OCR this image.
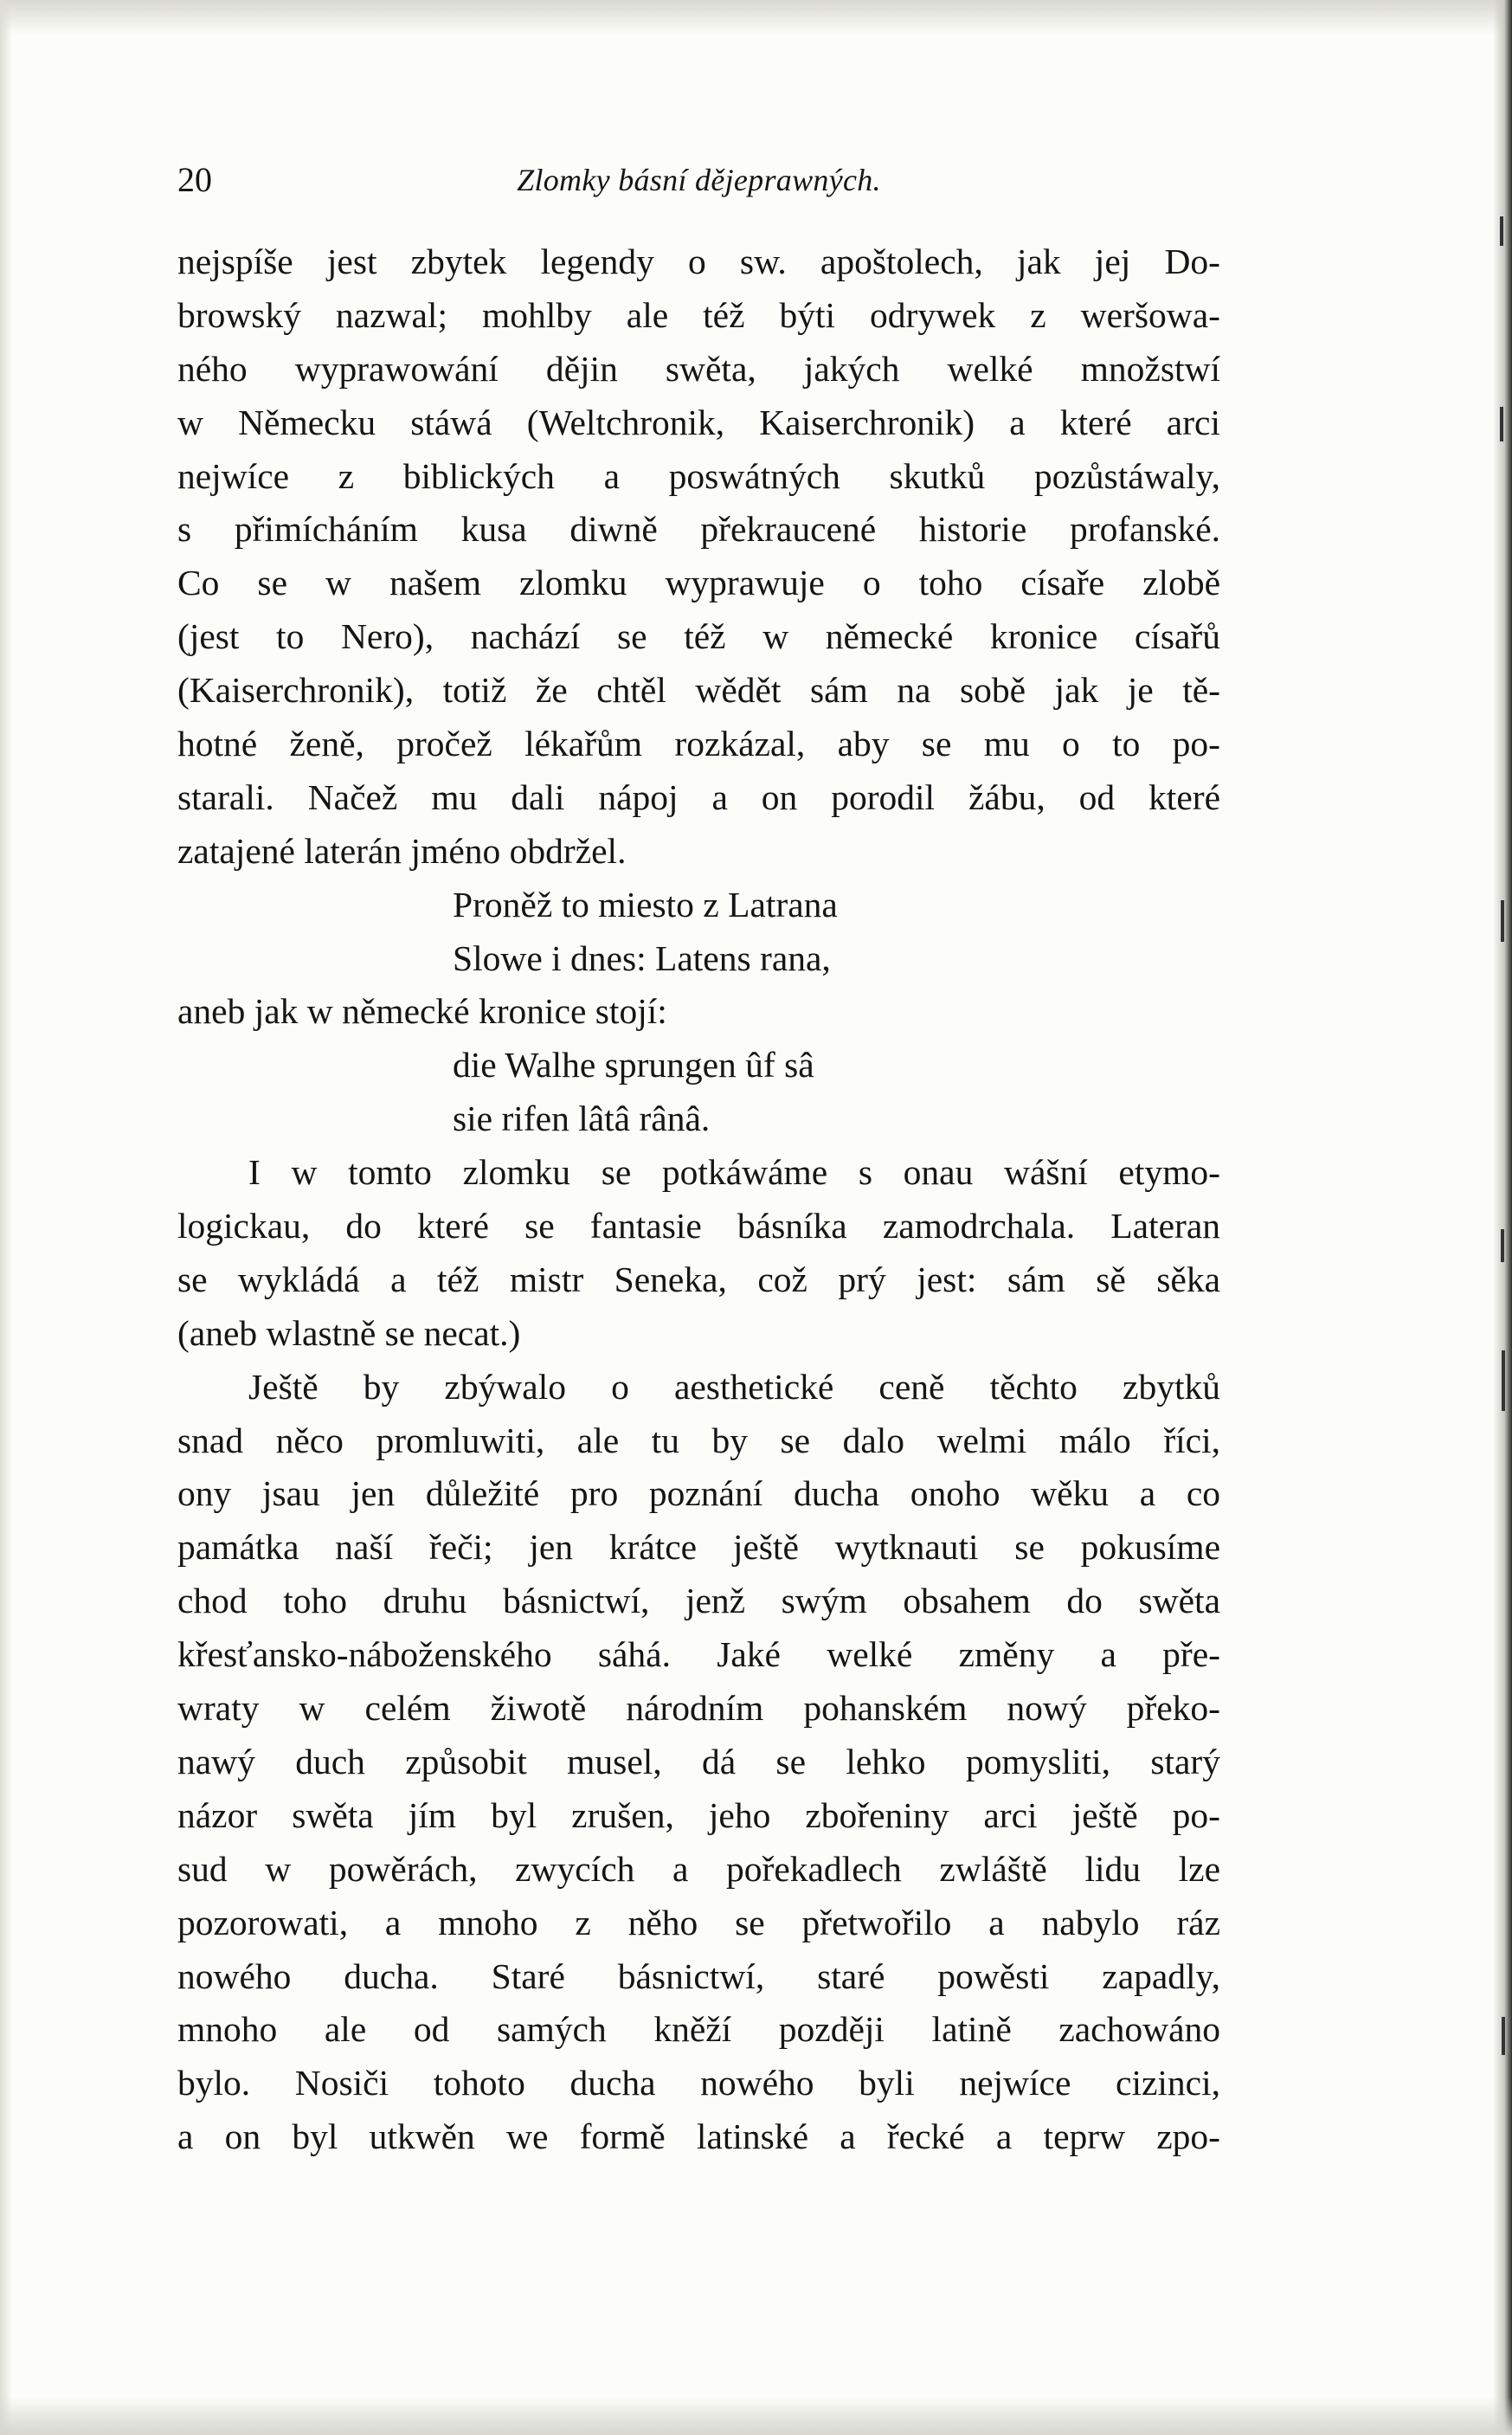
20	Zlomky básní dějeprawných.
nejspíše jest zbytek legendy o sw. apoštolech, jak jej Do-
browský nazwal; mohlby ale též býti odrywek z weršowa-
ného wyprawowání dějin swěta, jakých welké množstwí
w Německu stáwá (Weltchronik, Kaiserchronik) a které arci
nejwíce z biblických a poswátných skutků pozůstáwaly,
s přimícháním kusa diwně překraucené historie profanské.
Co se w našem zlomku wyprawuje o toho císaře zlobě
(jest to Nero), nachází se též w německé kronice císařů
(Kaiserchronik), totiž že chtěl wědět sám na sobě jak je tě-
hotné ženě, pročež lékařům rozkázal, aby se mu o to po-
starali. Načež mu dali nápoj a on porodil žábu, od které
zatajené laterán jméno obdržel.
Proněž to miesto z Latrana
Slowe i dnes: Latens rana,
aneb jak w německé kronice stojí:
die Walhe sprungen ûf sâ
sie rifen lâtâ rânâ.
I w tomto zlomku se potkáwáme s onau wášní etymo-
logickau, do které se fantasie básníka zamodrchala. Lateran
se wykládá a též mistr Seneka, což prý jest: sám sě sěka
(aneb wlastně se necat.)
Ještě by zbýwalo o aesthetické ceně těchto zbytků
snad něco promluwiti, ale tu by se dalo welmi málo říci,
ony jsau jen důležité pro poznání ducha onoho wěku a co
památka naší řeči; jen krátce ještě wytknauti se pokusíme
chod toho druhu básnictwí, jenž swým obsahem do swěta
křesťansko-náboženského sáhá. Jaké welké změny a pře-
wraty w celém žiwotě národním pohanském nowý překo-
nawý duch způsobit musel, dá se lehko pomysliti, starý
názor swěta jím byl zrušen, jeho zbořeniny arci ještě po-
sud w powěrách, zwycích a pořekadlech zwláště lidu lze
pozorowati, a mnoho z něho se přetwořilo a nabylo ráz
nowého ducha. Staré básnictwí, staré powěsti zapadly,
mnoho ale od samých kněží později latině zachowáno
bylo. Nosiči tohoto ducha nowého byli nejwíce cizinci,
a on byl utkwěn we formě latinské a řecké a teprw zpo-
